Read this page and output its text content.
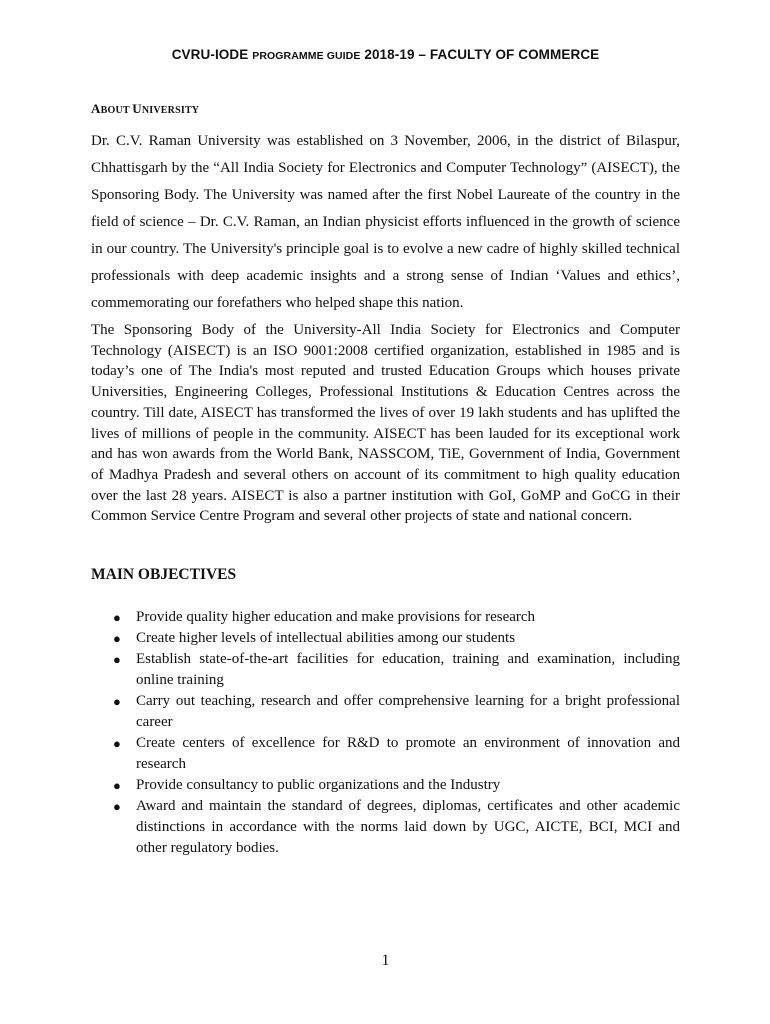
CVRU-IODE PROGRAMME GUIDE 2018-19 – FACULTY OF COMMERCE
ABOUT UNIVERSITY

Dr. C.V. Raman University was established on 3 November, 2006, in the district of Bilaspur, Chhattisgarh by the “All India Society for Electronics and Computer Technology” (AISECT), the Sponsoring Body. The University was named after the first Nobel Laureate of the country in the field of science – Dr. C.V. Raman, an Indian physicist efforts influenced in the growth of science in our country. The University's principle goal is to evolve a new cadre of highly skilled technical professionals with deep academic insights and a strong sense of Indian ‘Values and ethics’, commemorating our forefathers who helped shape this nation.

The Sponsoring Body of the University-All India Society for Electronics and Computer Technology (AISECT) is an ISO 9001:2008 certified organization, established in 1985 and is today’s one of The India's most reputed and trusted Education Groups which houses private Universities, Engineering Colleges, Professional Institutions & Education Centres across the country. Till date, AISECT has transformed the lives of over 19 lakh students and has uplifted the lives of millions of people in the community. AISECT has been lauded for its exceptional work and has won awards from the World Bank, NASSCOM, TiE, Government of India, Government of Madhya Pradesh and several others on account of its commitment to high quality education over the last 28 years. AISECT is also a partner institution with GoI, GoMP and GoCG in their Common Service Centre Program and several other projects of state and national concern.

MAIN OBJECTIVES
● Provide quality higher education and make provisions for research
● Create higher levels of intellectual abilities among our students
● Establish state-of-the-art facilities for education, training and examination, including online training
● Carry out teaching, research and offer comprehensive learning for a bright professional career
● Create centers of excellence for R&D to promote an environment of innovation and research
● Provide consultancy to public organizations and the Industry
● Award and maintain the standard of degrees, diplomas, certificates and other academic distinctions in accordance with the norms laid down by UGC, AICTE, BCI, MCI and other regulatory bodies.
1
